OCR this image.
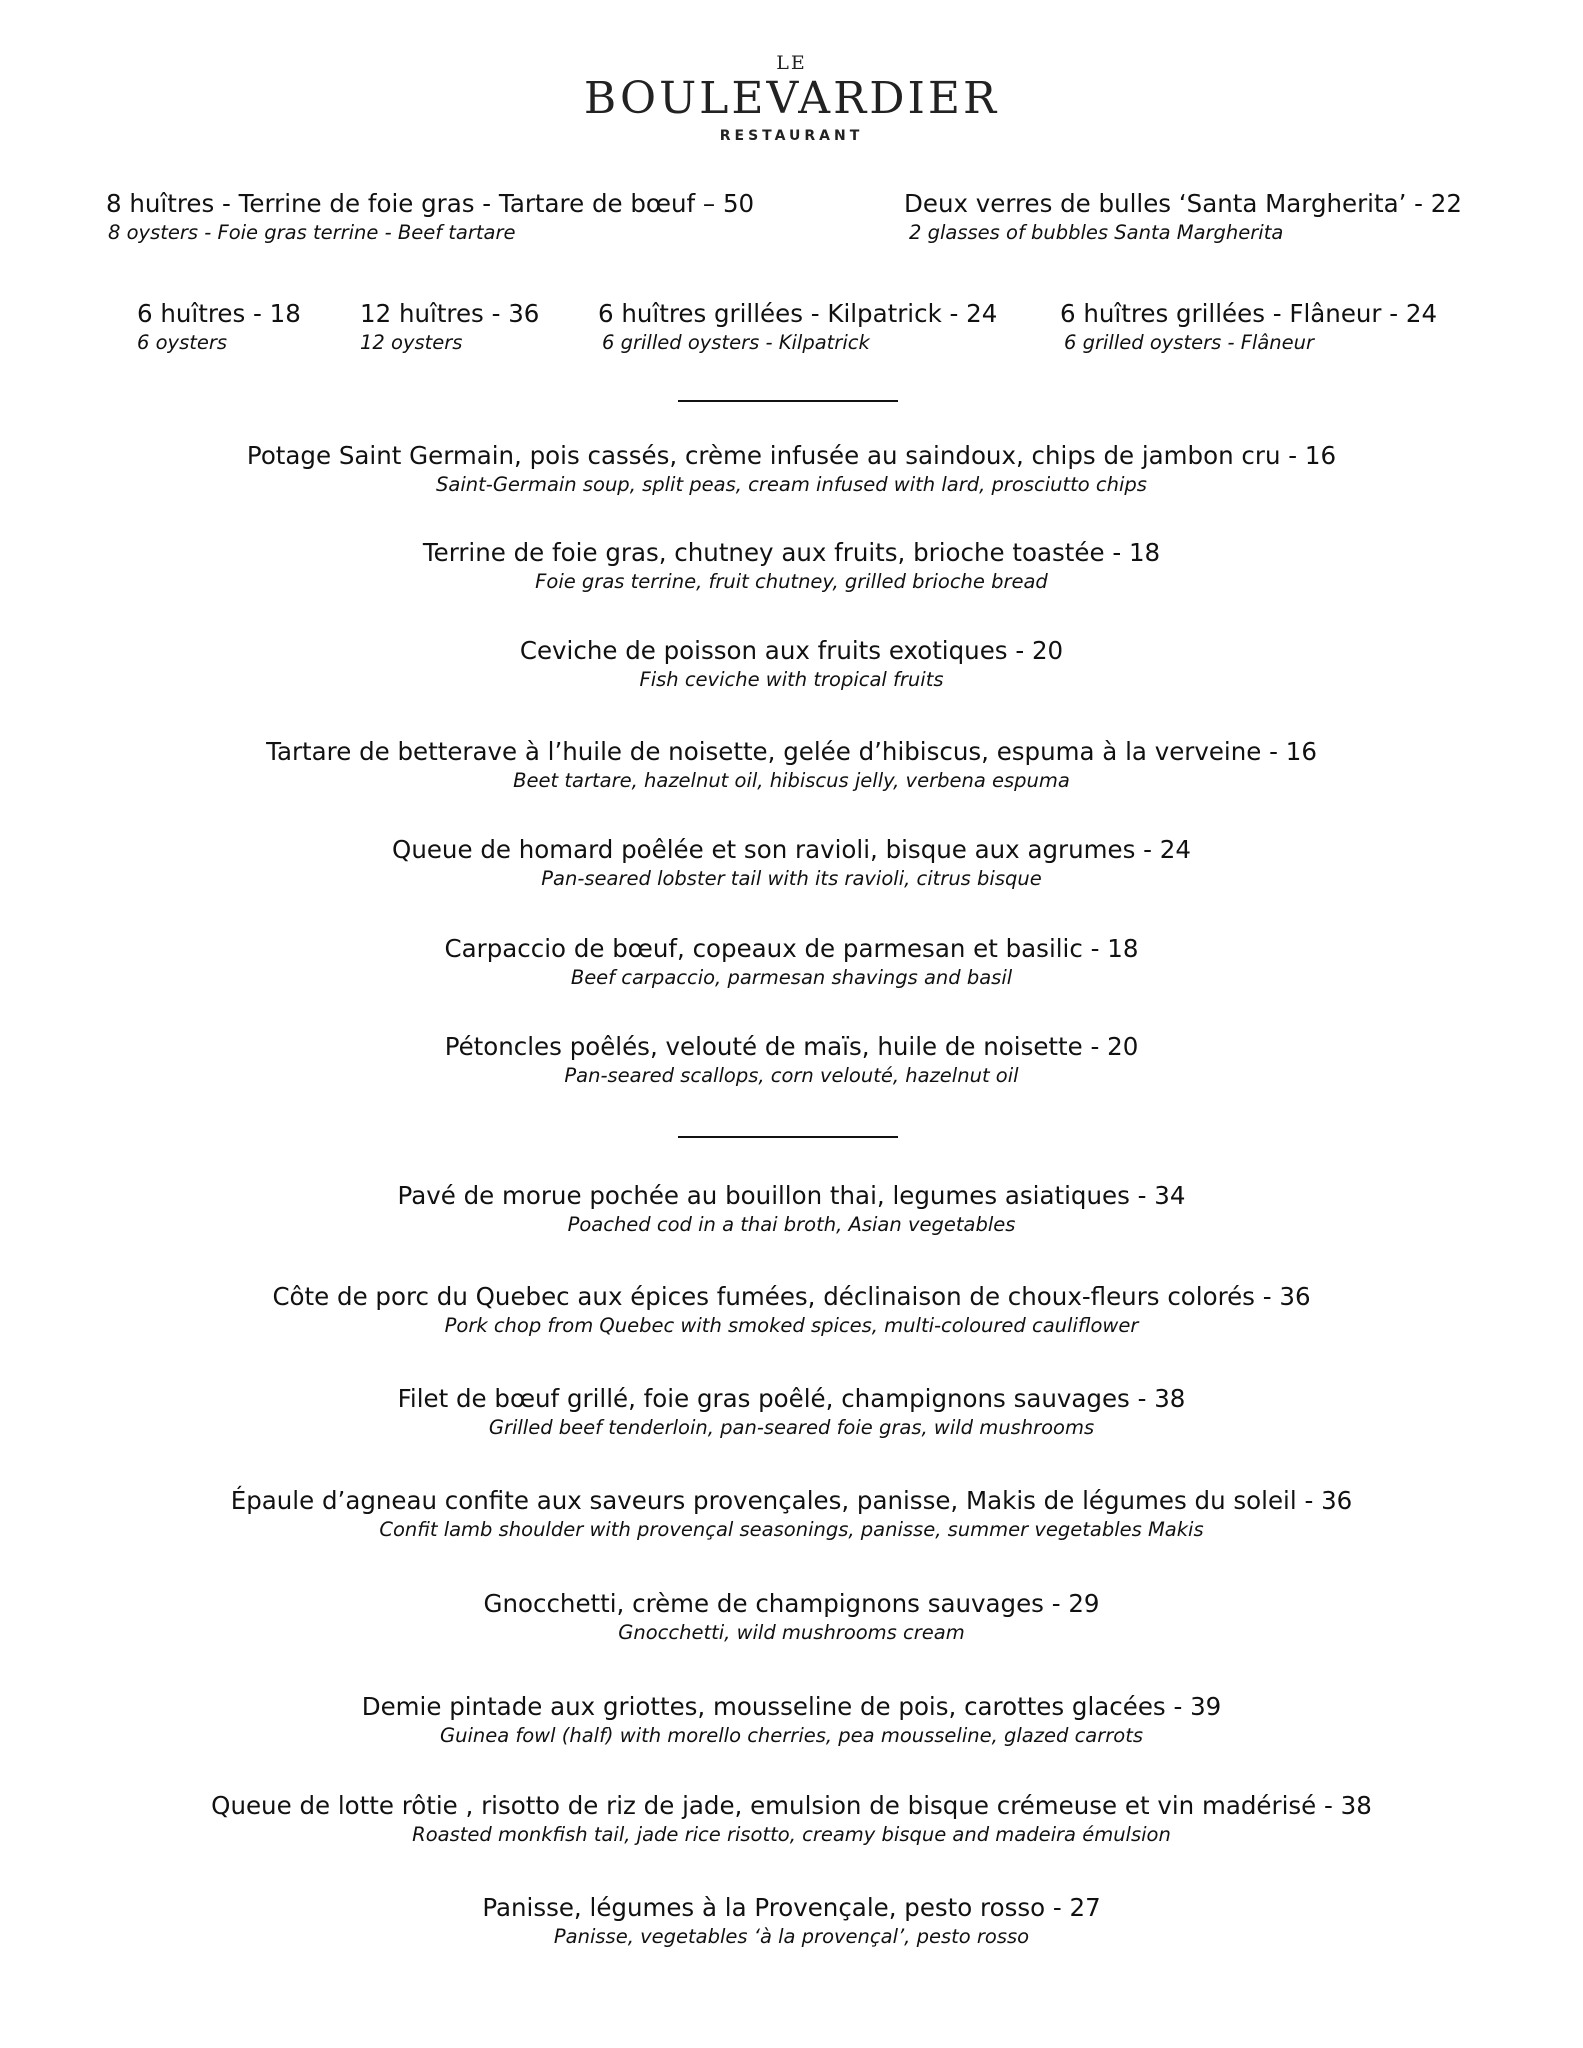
LE
BOULEVARDIER
RESTAURANT
8 huîtres - Terrine de foie gras - Tartare de bœuf – 50
8 oysters - Foie gras terrine - Beef tartare
Deux verres de bulles ‘Santa Margherita’ - 22
2 glasses of bubbles Santa Margherita
6 huîtres - 18
6 oysters
12 huîtres - 36
12 oysters
6 huîtres grillées - Kilpatrick - 24
6 grilled oysters - Kilpatrick
6 huîtres grillées - Flâneur - 24
6 grilled oysters - Flâneur
Potage Saint Germain, pois cassés, crème infusée au saindoux, chips de jambon cru - 16
Saint-Germain soup, split peas, cream infused with lard, prosciutto chips
Terrine de foie gras, chutney aux fruits, brioche toastée - 18
Foie gras terrine, fruit chutney, grilled brioche bread
Ceviche de poisson aux fruits exotiques - 20
Fish ceviche with tropical fruits
Tartare de betterave à l’huile de noisette, gelée d’hibiscus, espuma à la verveine - 16
Beet tartare, hazelnut oil, hibiscus jelly, verbena espuma
Queue de homard poêlée et son ravioli, bisque aux agrumes - 24
Pan-seared lobster tail with its ravioli, citrus bisque
Carpaccio de bœuf, copeaux de parmesan et basilic - 18
Beef carpaccio, parmesan shavings and basil
Pétoncles poêlés, velouté de maïs, huile de noisette - 20
Pan-seared scallops, corn velouté, hazelnut oil
Pavé de morue pochée au bouillon thai, legumes asiatiques - 34
Poached cod in a thai broth, Asian vegetables
Côte de porc du Quebec aux épices fumées, déclinaison de choux-fleurs colorés - 36
Pork chop from Quebec with smoked spices, multi-coloured cauliflower
Filet de bœuf grillé, foie gras poêlé, champignons sauvages - 38
Grilled beef tenderloin, pan-seared foie gras, wild mushrooms
Épaule d’agneau confite aux saveurs provençales, panisse, Makis de légumes du soleil - 36
Confit lamb shoulder with provençal seasonings, panisse, summer vegetables Makis
Gnocchetti, crème de champignons sauvages - 29
Gnocchetti, wild mushrooms cream
Demie pintade aux griottes, mousseline de pois, carottes glacées - 39
Guinea fowl (half) with morello cherries, pea mousseline, glazed carrots
Queue de lotte rôtie , risotto de riz de jade, emulsion de bisque crémeuse et vin madérisé - 38
Roasted monkfish tail, jade rice risotto, creamy bisque and madeira émulsion
Panisse, légumes à la Provençale, pesto rosso - 27
Panisse, vegetables ‘à la provençal’, pesto rosso
